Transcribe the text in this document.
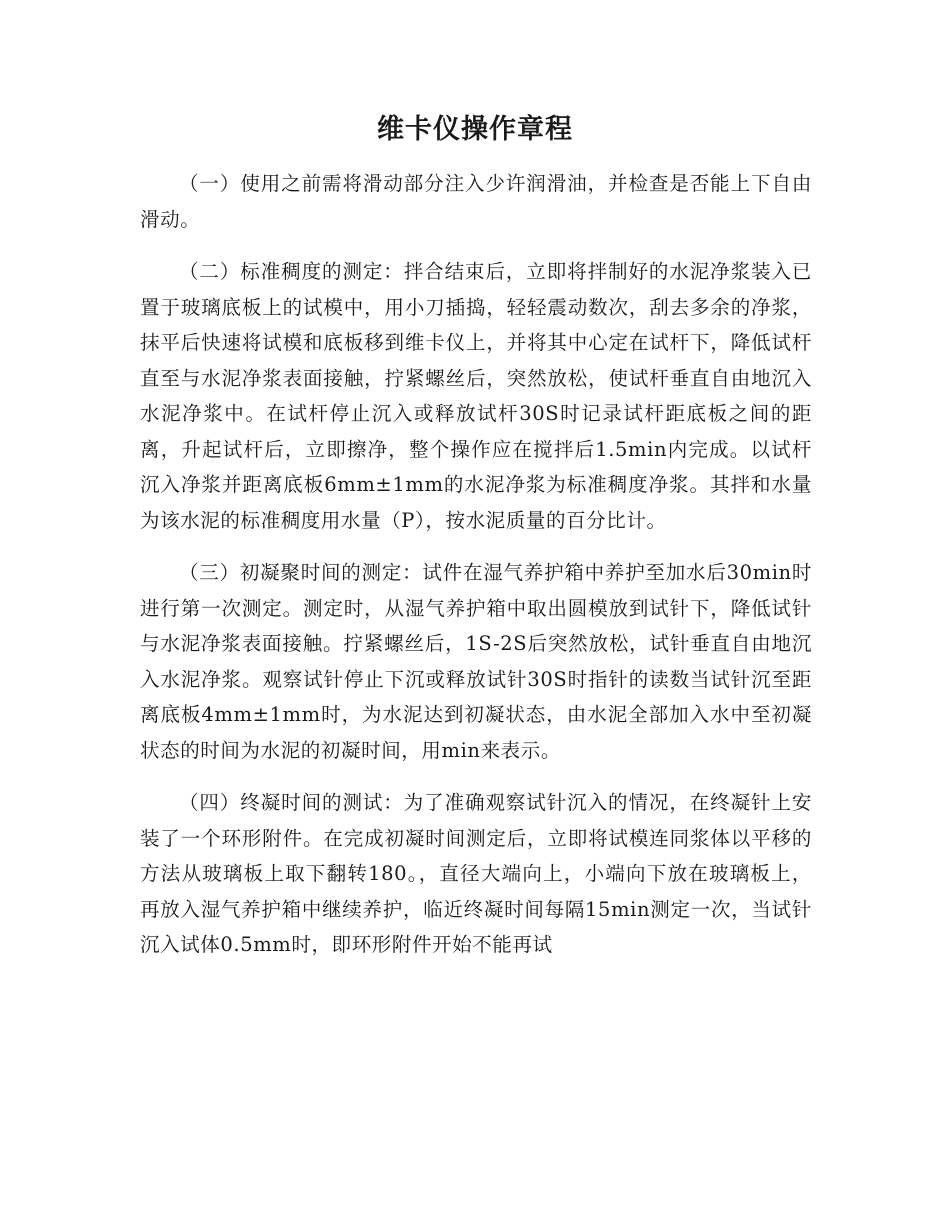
维卡仪操作章程

（一）使用之前需将滑动部分注入少许润滑油，并检查是否能上下自由滑动。

（二）标准稠度的测定：拌合结束后，立即将拌制好的水泥净浆装入已置于玻璃底板上的试模中，用小刀插捣，轻轻震动数次，刮去多余的净浆，抹平后快速将试模和底板移到维卡仪上，并将其中心定在试杆下，降低试杆直至与水泥净浆表面接触，拧紧螺丝后，突然放松，使试杆垂直自由地沉入水泥净浆中。在试杆停止沉入或释放试杆30S时记录试杆距底板之间的距离，升起试杆后，立即擦净，整个操作应在搅拌后1.5min内完成。以试杆沉入净浆并距离底板6mm±1mm的水泥净浆为标准稠度净浆。其拌和水量为该水泥的标准稠度用水量（P），按水泥质量的百分比计。

（三）初凝聚时间的测定：试件在湿气养护箱中养护至加水后30min时进行第一次测定。测定时，从湿气养护箱中取出圆模放到试针下，降低试针与水泥净浆表面接触。拧紧螺丝后，1S-2S后突然放松，试针垂直自由地沉入水泥净浆。观察试针停止下沉或释放试针30S时指针的读数当试针沉至距离底板4mm±1mm时，为水泥达到初凝状态，由水泥全部加入水中至初凝状态的时间为水泥的初凝时间，用min来表示。

（四）终凝时间的测试：为了准确观察试针沉入的情况，在终凝针上安装了一个环形附件。在完成初凝时间测定后，立即将试模连同浆体以平移的方法从玻璃板上取下翻转180。，直径大端向上，小端向下放在玻璃板上，再放入湿气养护箱中继续养护，临近终凝时间每隔15min测定一次，当试针沉入试体0.5mm时，即环形附件开始不能再试
